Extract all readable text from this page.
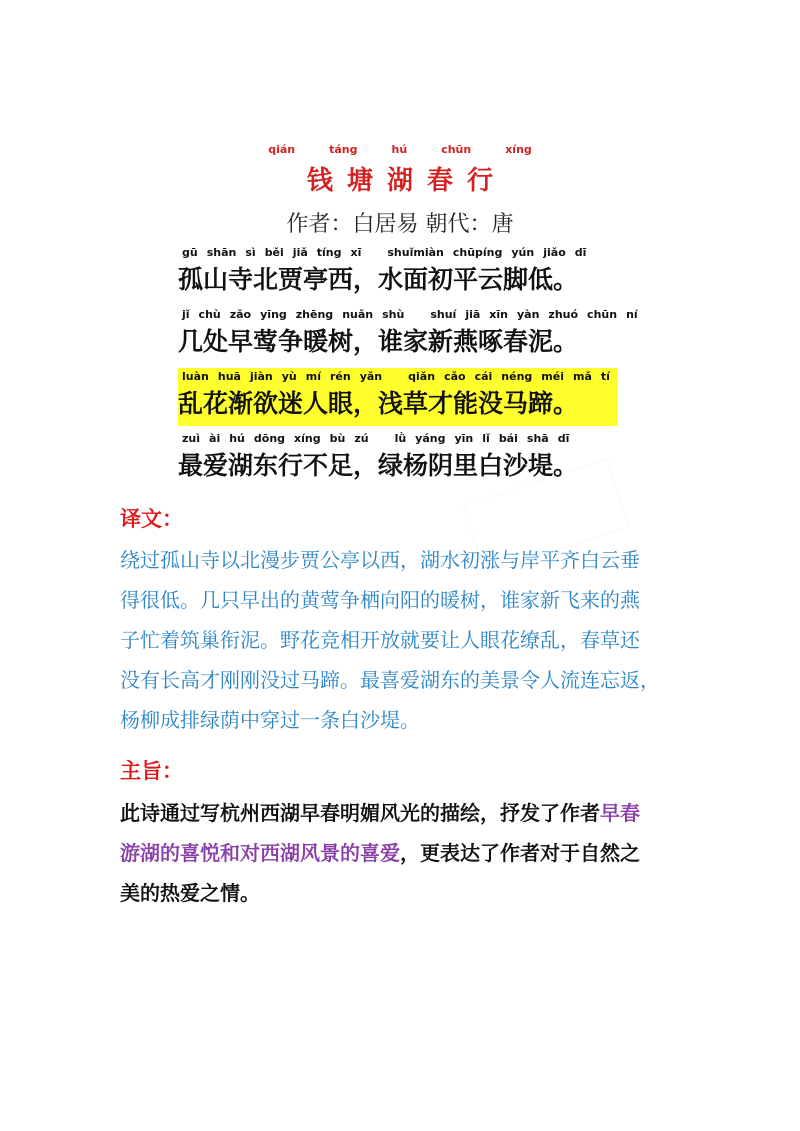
qián	táng	hú	chūn	xíng
钱塘湖春行
作者：白居易 朝代：唐
gū shān sì běi jiǎ tíng xī shuǐmiàn chūpíng yún jiǎo dī
孤山寺北贾亭西，水面初平云脚低。
jǐ chù zǎo yīng zhēng nuǎn shù shuí jiā xīn yàn zhuó chūn ní
几处早莺争暖树，谁家新燕啄春泥。
luàn huā jiàn yù mí rén yǎn qiǎn cǎo cái néng méi mǎ tí
乱花渐欲迷人眼，浅草才能没马蹄。
zuì ài hú dōng xíng bù zú lǜ yáng yīn lǐ bái shā dī
最爱湖东行不足，绿杨阴里白沙堤。
译文：
绕过孤山寺以北漫步贾公亭以西，湖水初涨与岸平齐白云垂
得很低。几只早出的黄莺争栖向阳的暖树，谁家新飞来的燕
子忙着筑巢衔泥。野花竞相开放就要让人眼花缭乱，春草还
没有长高才刚刚没过马蹄。最喜爱湖东的美景令人流连忘返，
杨柳成排绿荫中穿过一条白沙堤。
主旨：
此诗通过写杭州西湖早春明媚风光的描绘，抒发了作者早春
游湖的喜悦和对西湖风景的喜爱，更表达了作者对于自然之
美的热爱之情。
